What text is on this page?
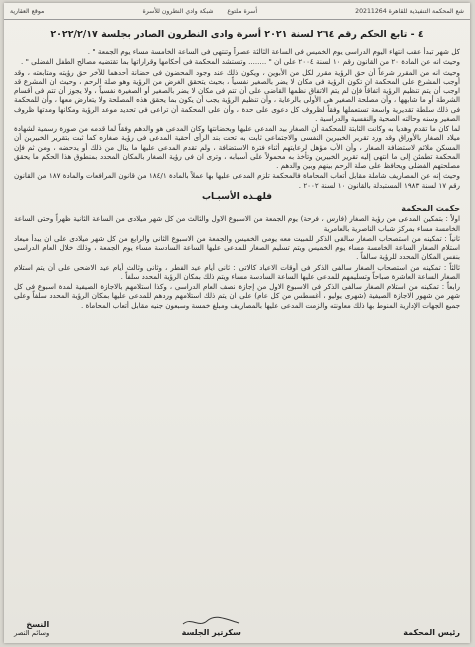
موقع العقارية	شبكة وادي النطرون للأسرة أسرة ملتوع	شع المحكمة التنفيذية للقاهرة 20211264
٤ - تابع الحكم رقم ٢٦٤ لسنة ٢٠٢١ أسرة وادى النطرون الصادر بجلسة ٢٠٢٢/٢/١٧

كل شهر تبدأ عقب انتهاء اليوم الدراسى يوم الخميس فى الساعة الثالثة عصراً وتنتهى فى الساعة الخامسة مساء يوم الجمعة " .

وحيث انه عن المادة ٢٠ من القانون رقم ١٠ لسنة ٢٠٠٤ على ان " ........ وتستشد المحكمة فى أحكامها وقراراتها بما تقتضيه مصالح الطفل الفضلى " .

وحيث انه من المقرر شرعاً أن حق الرؤية مقرر لكل من الأبوين ، ويكون ذلك عند وجود المحضون فى حضانة أحدهما للآخر حق رؤيته ومتابعته ، وقد أوجب المشرع على المحكمة ان تكون الرؤية فى مكان لا يضر بالصغير نفسياً ، بحيث يتحقق الغرض من الرؤية وهو صلة الرحم ، وحيث ان المشرع قد اوجب أن يتم تنظيم الرؤية اتفاقاً فإن لم يتم الاتفاق نظمها القاضى على أن تتم فى مكان لا يضر بالصغير أو الصغيرة نفسياً ، ولا يجوز أن تتم فى أقسام الشرطة أو ما شابهها ، وأن مصلحة الصغير هى الأولى بالرعاية ، وأن تنظيم الرؤية يجب أن يكون بما يحقق هذه المصلحة ولا يتعارض معها ، وأن للمحكمة فى ذلك سلطة تقديرية واسعة تستعملها وفقاً لظروف كل دعوى على حدة ، وأن على المحكمة أن تراعى فى تحديد موعد الرؤية ومكانها ومدتها ظروف الصغير وسنه وحالته الصحية والنفسية والدراسية .

لما كان ما تقدم وهديا به وكانت الثابتة للمحكمة أن الصغار بيد المدعى عليها وبحضانتها وكان المدعى هو والدهم وفقاً لما قدمه من صورة رسمية لشهادة ميلاد الصغار بالأوراق وقد ورد تقرير الخبيرين النفسى والاجتماعى ثابت به تحت بند الرأى أحقية المدعى فى رؤية صغاره كما ثبت بتقرير الخبيرين أن المسكن ملائم لاستضافة الصغار ، وأن الأب مؤهل لرعايتهم أثناء فترة الاستضافة ، ولم تقدم المدعى عليها ما ينال من ذلك أو يدحضه ، ومن ثم فإن المحكمة تطمئن إلى ما انتهى إليه تقرير الخبيرين وتأخذ به محمولاً على أسبابه ، وترى ان فى رؤية الصغار بالمكان المحدد بمنطوق هذا الحكم ما يحقق مصلحتهم الفضلى ويحافظ على صلة الرحم بينهم وبين والدهم .

وحيث إنه عن المصاريف شاملة مقابل أتعاب المحاماة فالمحكمة تلزم المدعى عليها بها عملاً بالمادة ١٨٤/١ من قانون المرافعات والمادة ١٨٧ من القانون رقم ١٧ لسنة ١٩٨٣ المستبدلة بالقانون ١٠ لسنة ٢٠٠٢ .

فلهـذه الأسبـاب
حكمت المحكمة

اولاً : بتمكين المدعى من رؤية الصغار (فارس ، فرحة) يوم الجمعة من الاسبوع الاول والثالث من كل شهر ميلادى من الساعة الثانية ظهراً وحتى الساعة الخامسة مساء بمركز شباب الناصرية بالعامرية

ثانياً : تمكينه من استصحاب الصغار سالفى الذكر للمبيت معه يومى الخميس والجمعة من الاسبوع الثانى والرابع من كل شهر ميلادى على ان يبدأ ميعاد استلام الصغار الساعة الخامسة مساء يوم الخميس ويتم تسليم الصغار للمدعى عليها الساعة السادسة مساء يوم الجمعة ، وذلك خلال العام الدراسى بنفس المكان المحدد للرؤية سالفاً .

ثالثاً : تمكينه من استصحاب الصغار سالفى الذكر فى أوقات الاعياد كالاتى : ثانى أيام عيد الفطر ، وثانى وثالث أيام عيد الاضحى على أن يتم استلام الصغار الساعة العاشرة صباحاً وتسليمهم للمدعى عليها الساعة السادسة مساء ويتم ذلك بمكان الرؤية المحدد سلفاً .

رابعاً : تمكينه من استلام الصغار سالفى الذكر فى الاسبوع الاول من إجازة نصف العام الدراسى ، وكذا استلامهم بالاجازة الصيفية لمدة اسبوع فى كل شهر من شهور الاجازة الصيفية (شهرى يوليو ، أغسطس من كل عام) على ان يتم ذلك استلامهم وردهم للمدعى عليها بمكان الرؤية المحدد سلفاً وعلى جميع الجهات الإدارية المنوط بها ذلك معاونته والزمت المدعى عليها بالمصاريف ومبلغ خمسة وسبعون جنيه مقابل أتعاب المحاماة .

رئيس المحكمة
سكرتير الجلسة
النسخ
وسائم النصر
